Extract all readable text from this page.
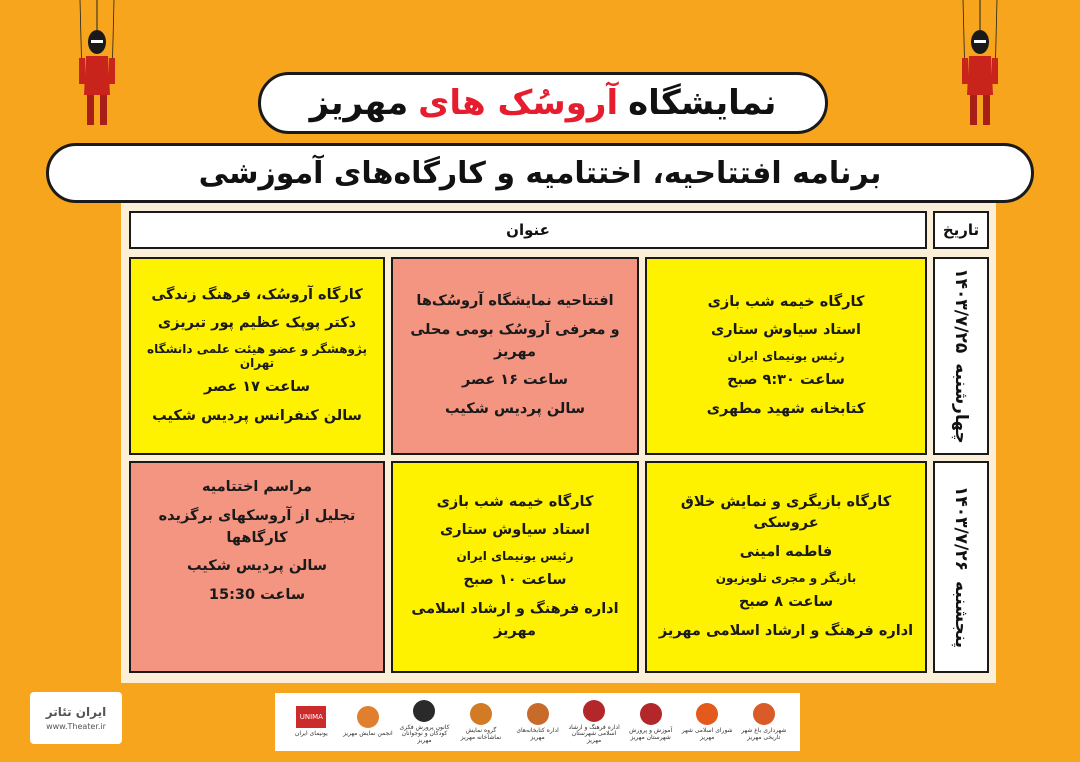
نمایشگاه
آروسُک های
مهریز
برنامه افتتاحیه، اختتامیه و کارگاه‌های آموزشی
تاریخ
عنوان
چهارشنبه
۱۴۰۳/۷/۲۵
کارگاه خیمه شب بازی
استاد سیاوش ستاری
رئیس یونیمای ایران
ساعت ۹:۳۰ صبح
کتابخانه شهید مطهری
افتتاحیه نمایشگاه آروسُک‌ها
و معرفی آروسُک بومی محلی مهریز
ساعت ۱۶ عصر
سالن پردیس شکیب
کارگاه آروسُک، فرهنگ زندگی
دکتر پوپک عظیم پور تبریزی
پژوهشگر و عضو هیئت علمی دانشگاه تهران
ساعت ۱۷ عصر
سالن کنفرانس پردیس شکیب
پنجشنبه
۱۴۰۳/۷/۲۶
کارگاه بازیگری و نمایش خلاق عروسکی
فاطمه امینی
بازیگر و مجری تلویزیون
ساعت ۸ صبح
اداره فرهنگ و ارشاد اسلامی مهریز
کارگاه خیمه شب بازی
استاد سیاوش ستاری
رئیس یونیمای ایران
ساعت ۱۰ صبح
اداره فرهنگ و ارشاد اسلامی مهریز
مراسم اختتامیه
تجلیل از آروسکهای برگزیده کارگاهها
سالن پردیس شکیب
ساعت 15:30
شهرداری باغ شهر تاریخی مهریز
شورای اسلامی شهر مهریز
آموزش و پرورش شهرستان مهریز
اداره فرهنگ و ارشاد اسلامی شهرستان مهریز
اداره کتابخانه‌های مهریز
گروه نمایش نماشاخانه مهریز
کانون پرورش فکری کودکان و نوجوانان مهریز
انجمن نمایش مهریز
UNIMA
یونیمای ایران
ایران تئاتر
www.Theater.ir
